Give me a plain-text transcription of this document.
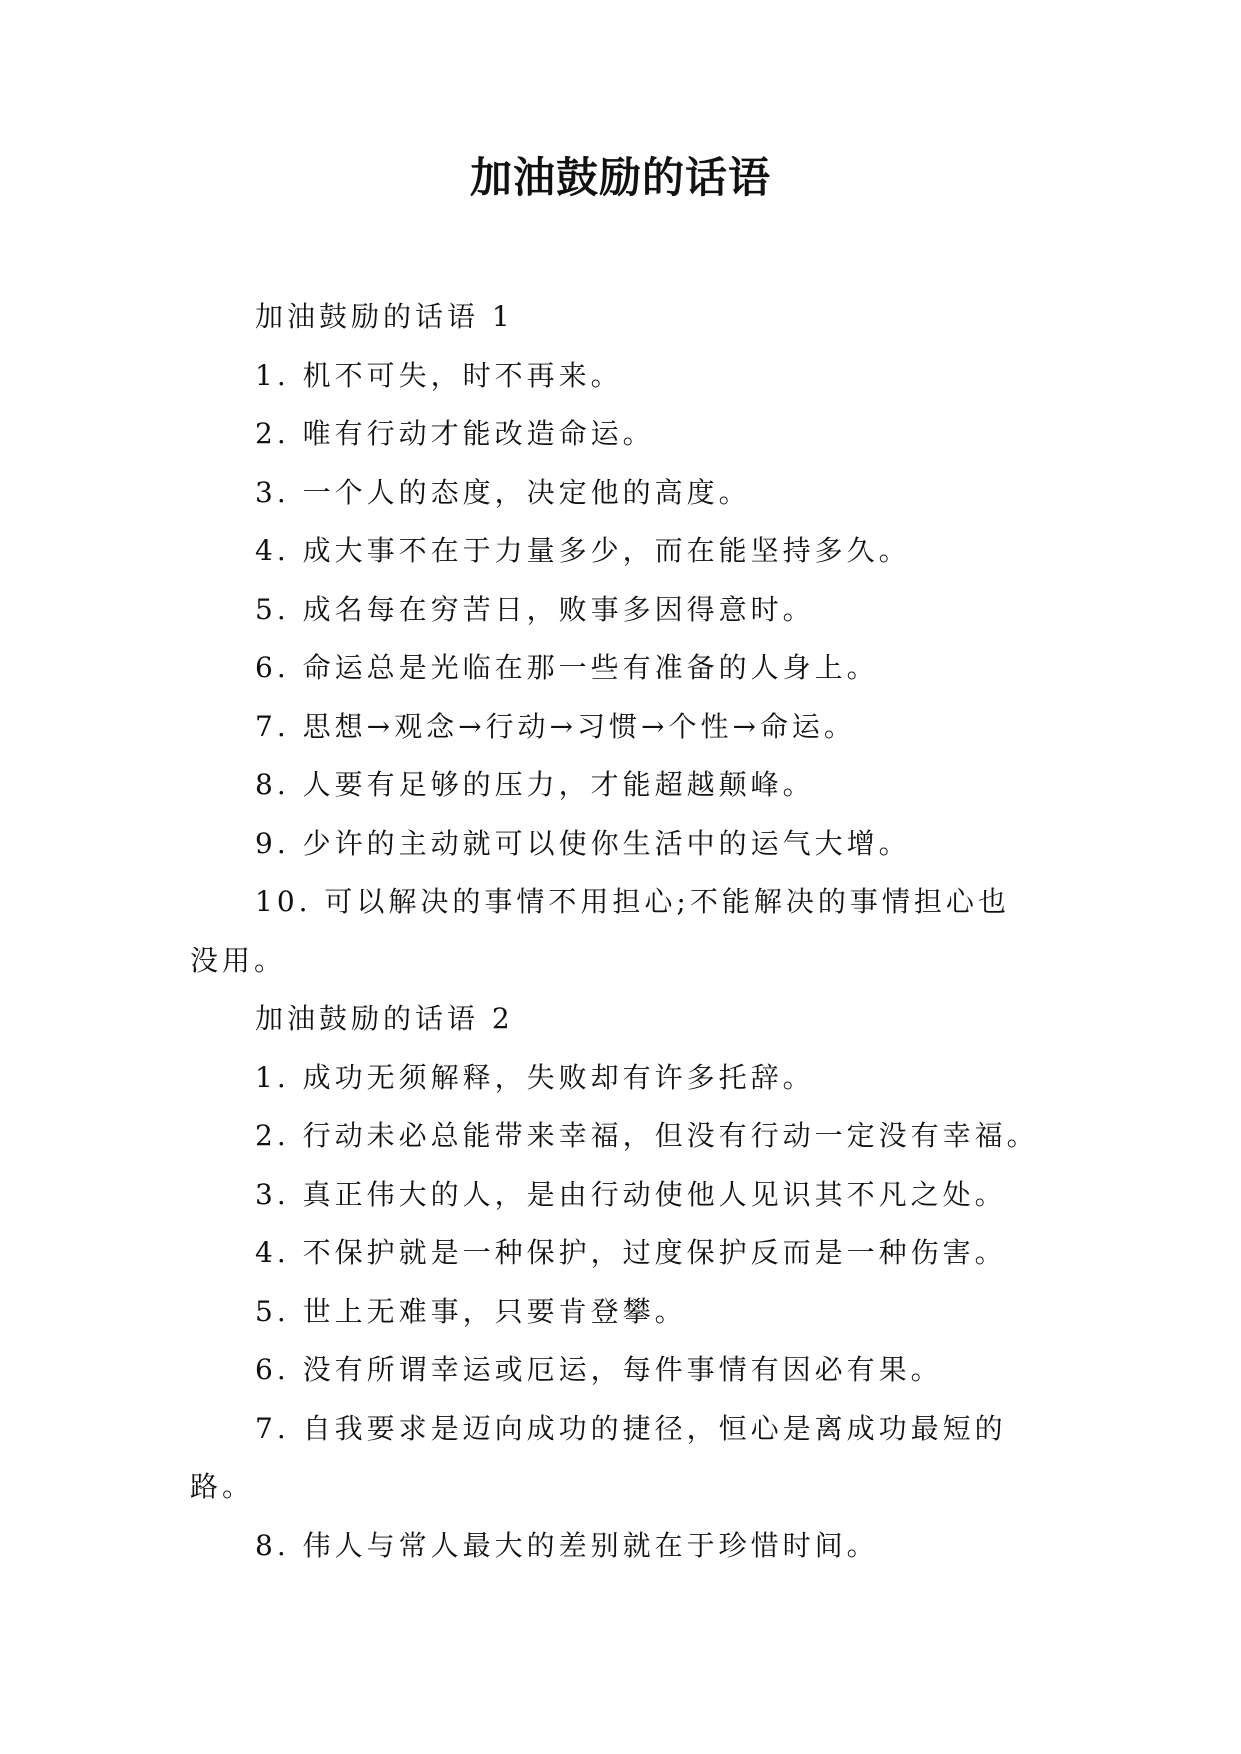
加油鼓励的话语
加油鼓励的话语 1
1. 机不可失，时不再来。
2. 唯有行动才能改造命运。
3. 一个人的态度，决定他的高度。
4. 成大事不在于力量多少，而在能坚持多久。
5. 成名每在穷苦日，败事多因得意时。
6. 命运总是光临在那一些有准备的人身上。
7. 思想→观念→行动→习惯→个性→命运。
8. 人要有足够的压力，才能超越颠峰。
9. 少许的主动就可以使你生活中的运气大增。
10. 可以解决的事情不用担心;不能解决的事情担心也
没用。
加油鼓励的话语 2
1. 成功无须解释，失败却有许多托辞。
2. 行动未必总能带来幸福，但没有行动一定没有幸福。
3. 真正伟大的人，是由行动使他人见识其不凡之处。
4. 不保护就是一种保护，过度保护反而是一种伤害。
5. 世上无难事，只要肯登攀。
6. 没有所谓幸运或厄运，每件事情有因必有果。
7. 自我要求是迈向成功的捷径，恒心是离成功最短的
路。
8. 伟人与常人最大的差别就在于珍惜时间。
